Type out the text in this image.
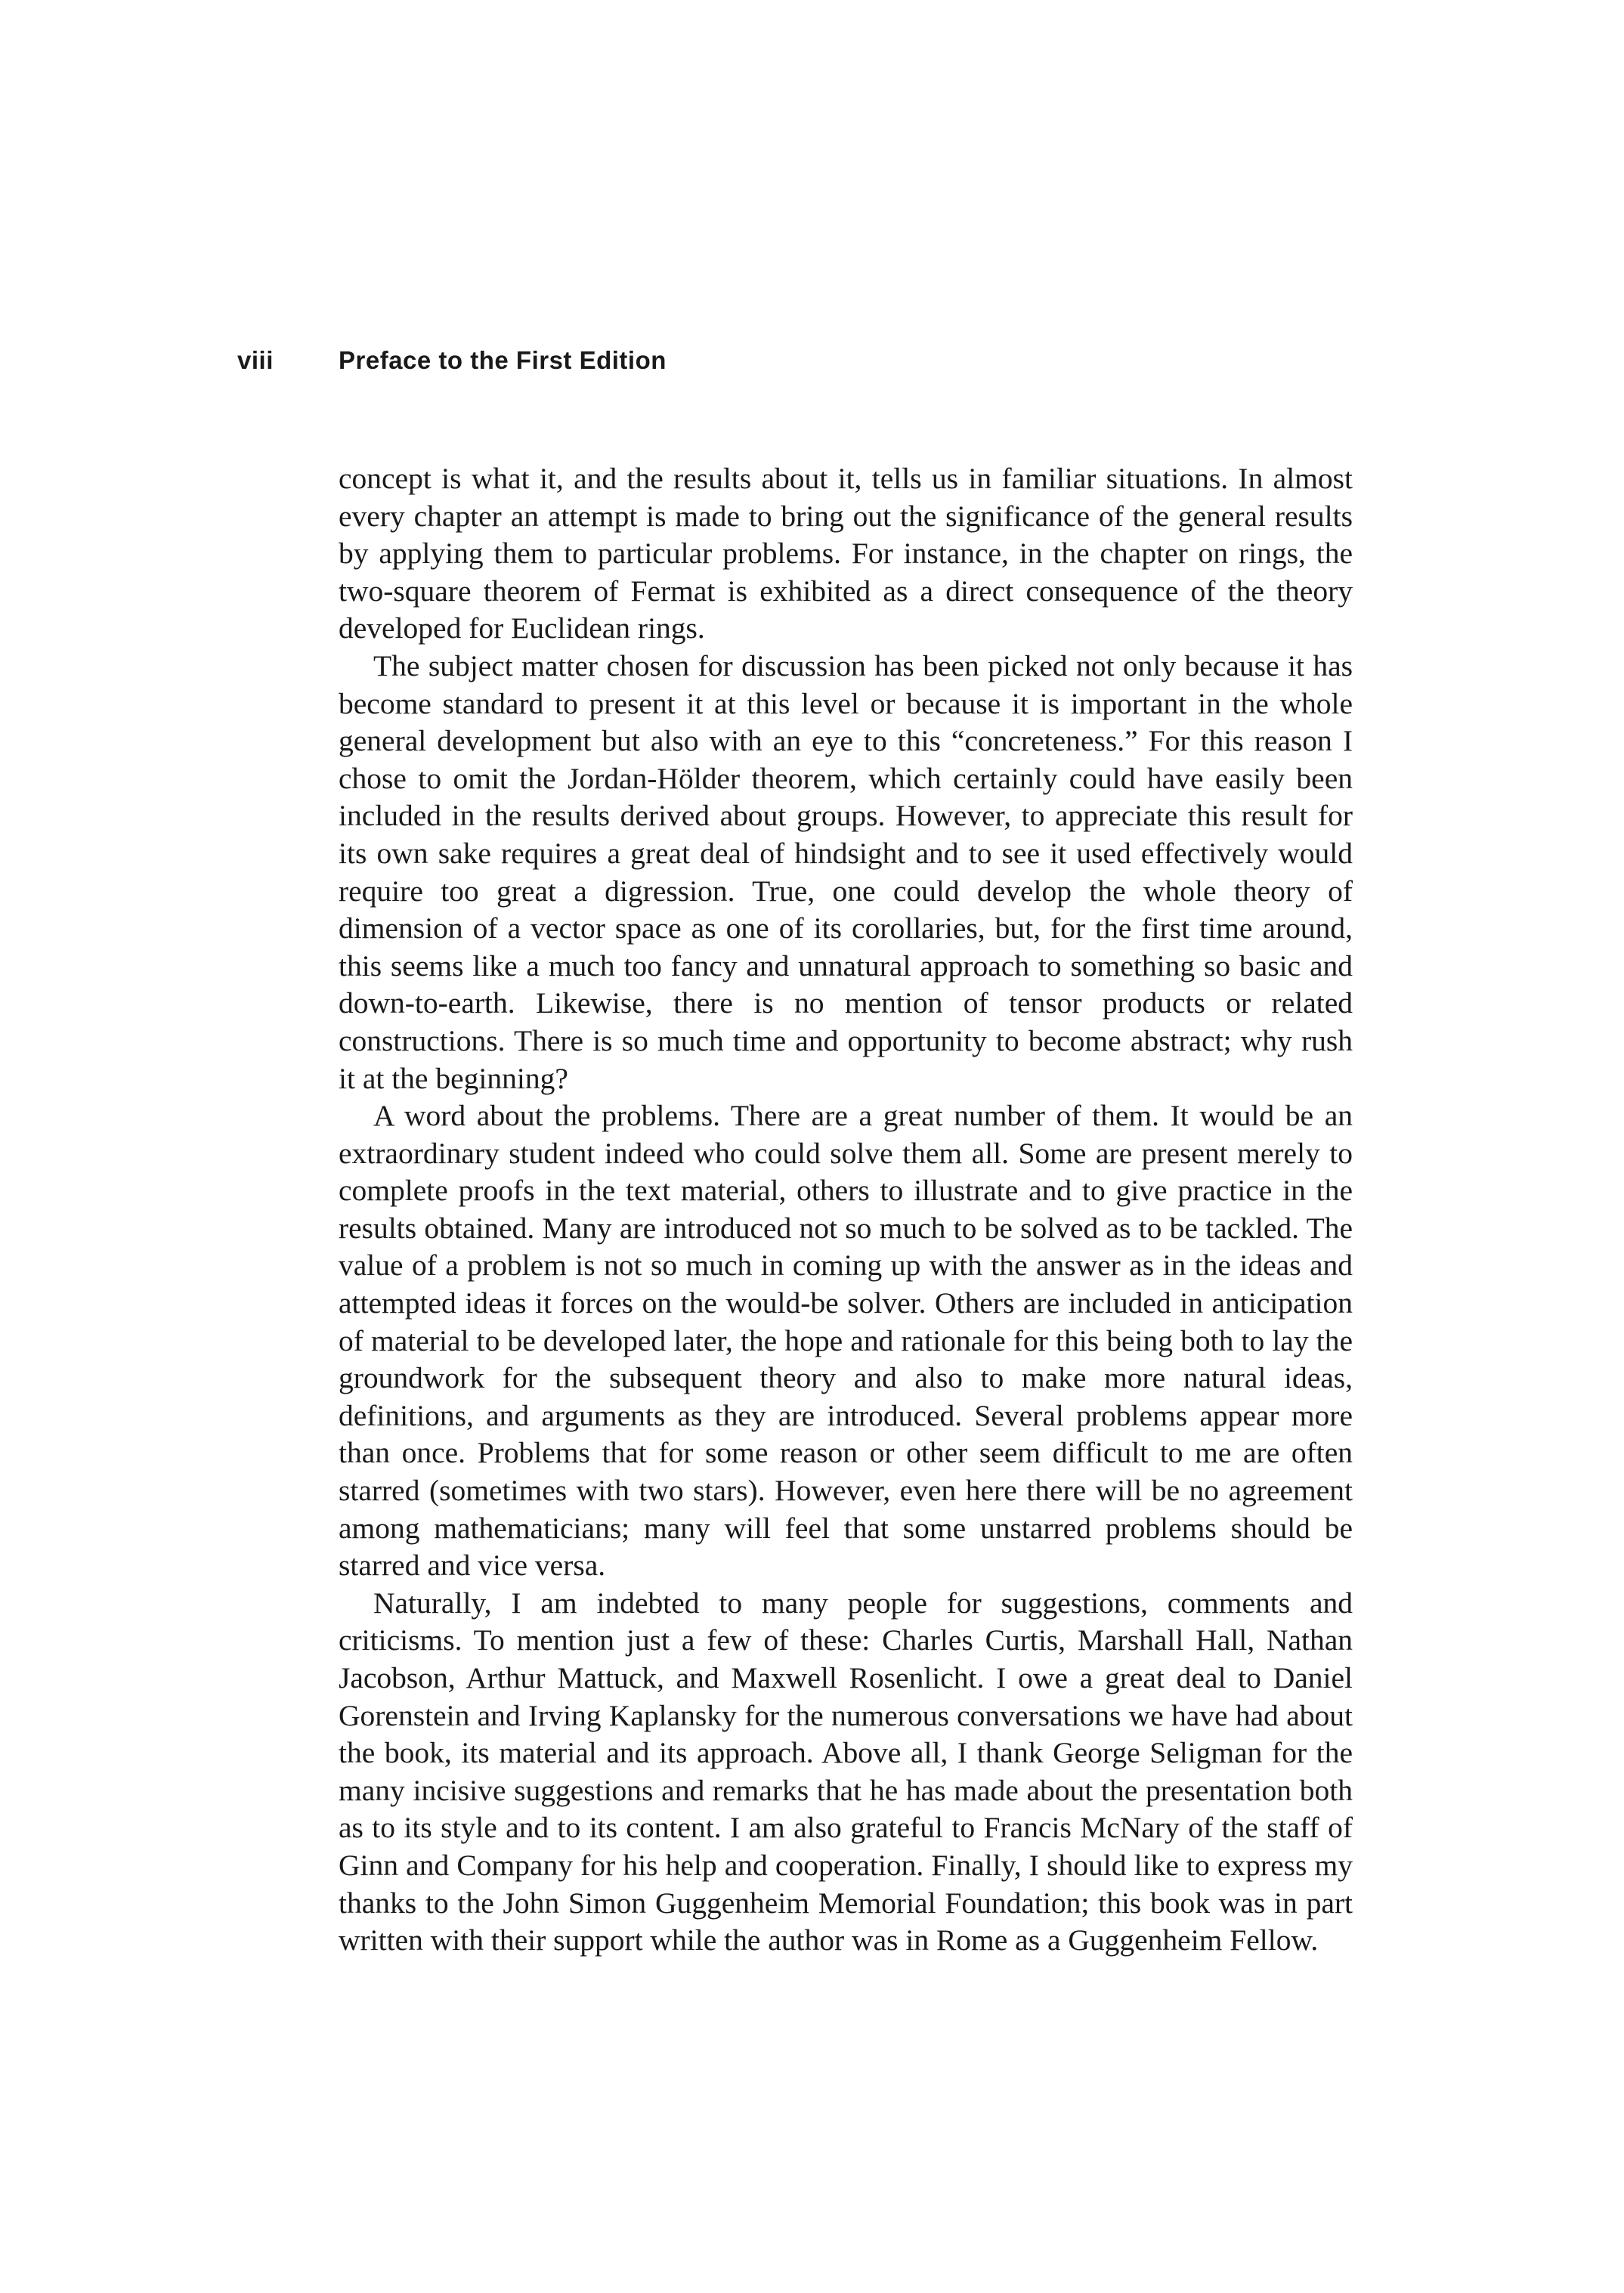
viii	Preface to the First Edition

concept is what it, and the results about it, tells us in familiar situations. In almost every chapter an attempt is made to bring out the significance of the general results by applying them to particular problems. For instance, in the chapter on rings, the two-square theorem of Fermat is exhibited as a direct consequence of the theory developed for Euclidean rings.

The subject matter chosen for discussion has been picked not only because it has become standard to present it at this level or because it is important in the whole general development but also with an eye to this “concreteness.” For this reason I chose to omit the Jordan-Hölder theorem, which certainly could have easily been included in the results derived about groups. However, to appreciate this result for its own sake requires a great deal of hindsight and to see it used effectively would require too great a digression. True, one could develop the whole theory of dimension of a vector space as one of its corollaries, but, for the first time around, this seems like a much too fancy and unnatural approach to something so basic and down-to-earth. Likewise, there is no mention of tensor products or related constructions. There is so much time and opportunity to become abstract; why rush it at the beginning?

A word about the problems. There are a great number of them. It would be an extraordinary student indeed who could solve them all. Some are present merely to complete proofs in the text material, others to illustrate and to give practice in the results obtained. Many are introduced not so much to be solved as to be tackled. The value of a problem is not so much in coming up with the answer as in the ideas and attempted ideas it forces on the would-be solver. Others are included in anticipation of material to be developed later, the hope and rationale for this being both to lay the groundwork for the subsequent theory and also to make more natural ideas, definitions, and arguments as they are introduced. Several problems appear more than once. Problems that for some reason or other seem difficult to me are often starred (sometimes with two stars). However, even here there will be no agreement among mathematicians; many will feel that some unstarred problems should be starred and vice versa.

Naturally, I am indebted to many people for suggestions, comments and criticisms. To mention just a few of these: Charles Curtis, Marshall Hall, Nathan Jacobson, Arthur Mattuck, and Maxwell Rosenlicht. I owe a great deal to Daniel Gorenstein and Irving Kaplansky for the numerous conversations we have had about the book, its material and its approach. Above all, I thank George Seligman for the many incisive suggestions and remarks that he has made about the presentation both as to its style and to its content. I am also grateful to Francis McNary of the staff of Ginn and Company for his help and cooperation. Finally, I should like to express my thanks to the John Simon Guggenheim Memorial Foundation; this book was in part written with their support while the author was in Rome as a Guggenheim Fellow.
